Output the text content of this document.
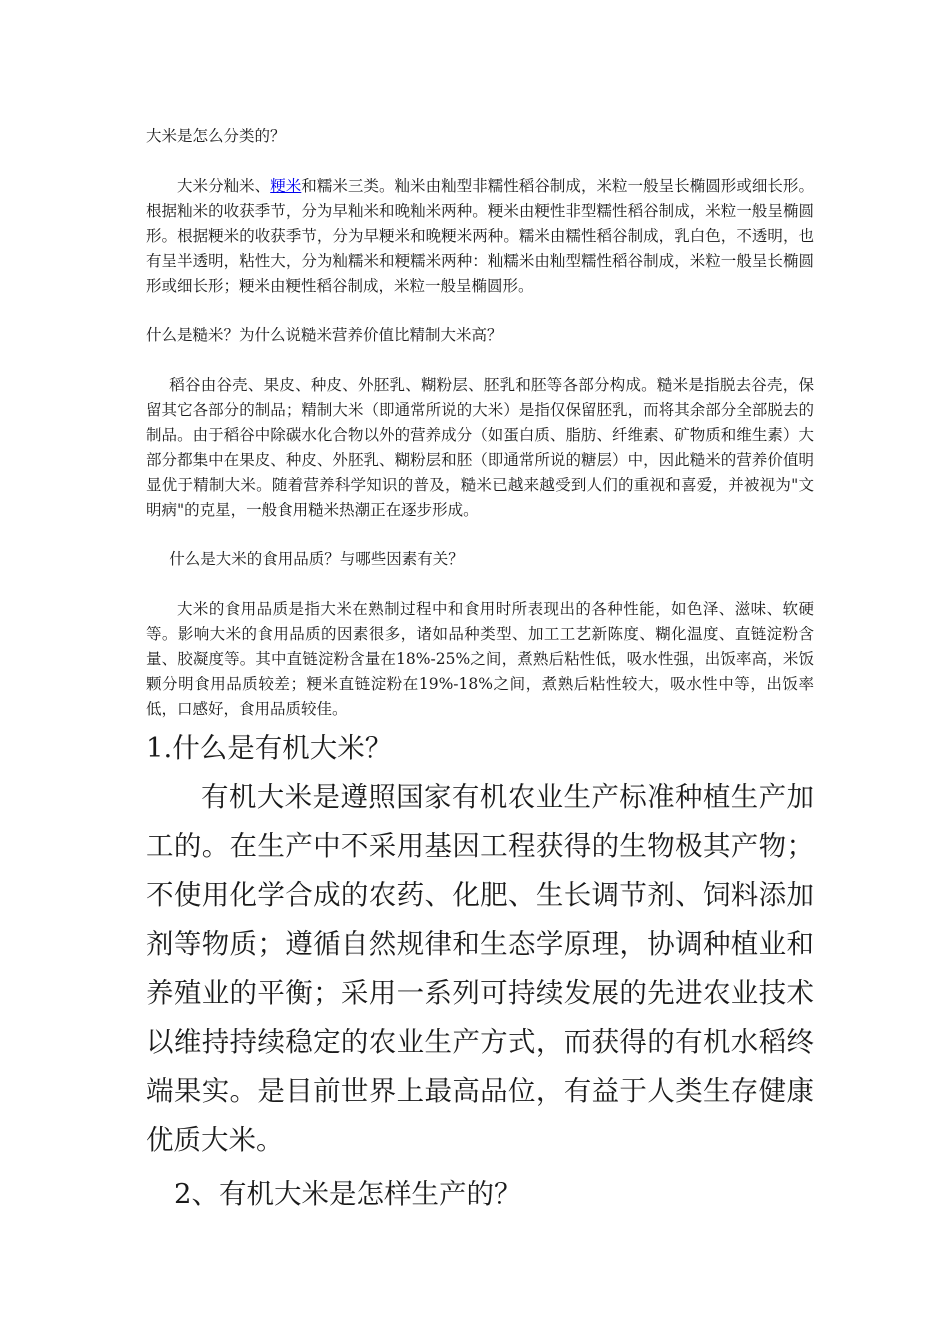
大米是怎么分类的？

大米分籼米、粳米和糯米三类。籼米由籼型非糯性稻谷制成，米粒一般呈长椭圆形或细长形。根据籼米的收获季节，分为早籼米和晚籼米两种。粳米由粳性非型糯性稻谷制成，米粒一般呈椭圆形。根据粳米的收获季节，分为早粳米和晚粳米两种。糯米由糯性稻谷制成，乳白色，不透明，也有呈半透明，粘性大，分为籼糯米和粳糯米两种：籼糯米由籼型糯性稻谷制成，米粒一般呈长椭圆形或细长形；粳米由粳性稻谷制成，米粒一般呈椭圆形。

什么是糙米？为什么说糙米营养价值比精制大米高？

稻谷由谷壳、果皮、种皮、外胚乳、糊粉层、胚乳和胚等各部分构成。糙米是指脱去谷壳，保留其它各部分的制品；精制大米（即通常所说的大米）是指仅保留胚乳，而将其余部分全部脱去的制品。由于稻谷中除碳水化合物以外的营养成分（如蛋白质、脂肪、纤维素、矿物质和维生素）大部分都集中在果皮、种皮、外胚乳、糊粉层和胚（即通常所说的糖层）中，因此糙米的营养价值明显优于精制大米。随着营养科学知识的普及，糙米已越来越受到人们的重视和喜爱，并被视为"文明病"的克星，一般食用糙米热潮正在逐步形成。

什么是大米的食用品质？与哪些因素有关？

大米的食用品质是指大米在熟制过程中和食用时所表现出的各种性能，如色泽、滋味、软硬等。影响大米的食用品质的因素很多，诸如品种类型、加工工艺新陈度、糊化温度、直链淀粉含量、胶凝度等。其中直链淀粉含量在18%-25%之间，煮熟后粘性低，吸水性强，出饭率高，米饭颗分明食用品质较差；粳米直链淀粉在19%-18%之间，煮熟后粘性较大，吸水性中等，出饭率低，口感好，食用品质较佳。

1.什么是有机大米？

有机大米是遵照国家有机农业生产标准种植生产加工的。在生产中不采用基因工程获得的生物极其产物；不使用化学合成的农药、化肥、生长调节剂、饲料添加剂等物质；遵循自然规律和生态学原理，协调种植业和养殖业的平衡；采用一系列可持续发展的先进农业技术以维持持续稳定的农业生产方式，而获得的有机水稻终端果实。是目前世界上最高品位，有益于人类生存健康优质大米。

2、有机大米是怎样生产的？
